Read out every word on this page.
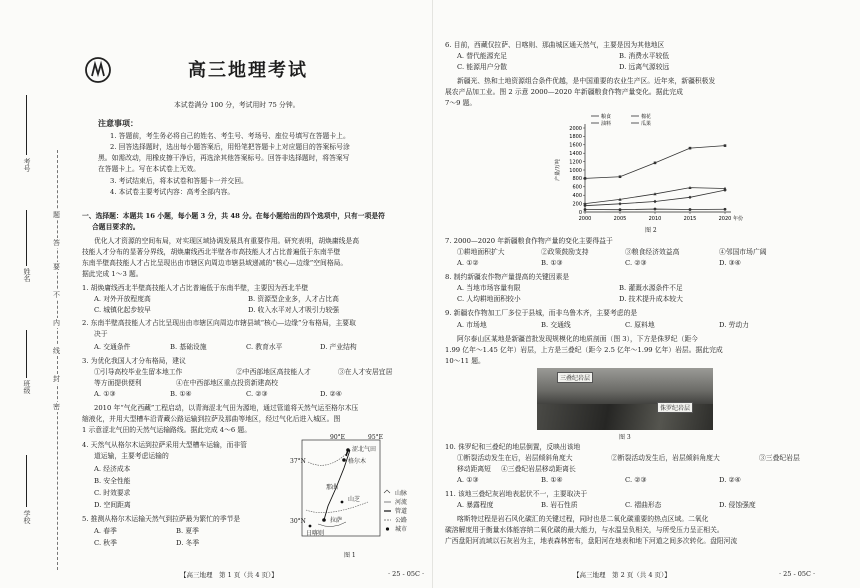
学校
班级
姓名
考号
题
答
要
不
内
线
封
密
高三地理考试
本试卷满分 100 分，考试用时 75 分钟。
注意事项：
1. 答题前，考生务必将自己的姓名、考生号、考场号、座位号填写在答题卡上。
2. 回答选择题时，选出每小题答案后，用铅笔把答题卡上对应题目的答案标号涂
黑。如需改动，用橡皮擦干净后，再选涂其他答案标号。回答非选择题时，将答案写
在答题卡上。写在本试卷上无效。
3. 考试结束后，将本试卷和答题卡一并交回。
4. 本试卷主要考试内容：高考全部内容。
一、选择题：本题共 16 小题，每小题 3 分，共 48 分。在每小题给出的四个选项中，只有一项是符
合题目要求的。
优化人才资源的空间布局，对实现区域协调发展具有重要作用。研究表明，胡焕庸线是高
技能人才分布的显著分界线，胡焕庸线西北半壁各市高技能人才占比普遍低于东南半壁
东南半壁高技能人才占比呈现出由市辖区向周边市辖县域递减的“核心—边缘”空间格局。
据此完成 1～3 题。
1. 胡焕庸线西北半壁高技能人才占比普遍低于东南半壁，主要因为西北半壁
A. 对外开放程度高	B. 资源型企业多，人才占比高
C. 城镇化起步较早	D. 收入水平对人才吸引力较强
2. 东南半壁高技能人才占比呈现出由市辖区向周边市辖县域“核心—边缘”分布格局，主要取
决于
A. 交通条件	B. 基础设施	C. 教育水平	D. 产业结构
3. 为优化我国人才分布格局，建议
①引导高校毕业生留本地工作	②中西部地区高技能人才	③在人才安居宜居
等方面提供便利	④在中西部地区重点投资新建高校
A. ①③	B. ①④	C. ②③	D. ②④
2010 年“气化西藏”工程启动，以青海涩北气田为源地，通过管道将天然气运至格尔木压
缩液化，并用大型槽车沿青藏公路运输到拉萨及那曲等地区，经过气化后进入城区。图
1 示意涩北气田的天然气运输路线。据此完成 4～6 题。
4. 天然气从格尔木运到拉萨采用大型槽车运输，而非管
道运输，主要考虑运输的
A. 经济成本
B. 安全性能
C. 时效要求
D. 空间距离
5. 推测从格尔木运输天然气到拉萨最为繁忙的季节是
A. 春季	B. 夏季
C. 秋季	D. 冬季
90°E	95°E
37°N
30°N
涩北气田
格尔木
拉萨
日喀则
山芝
那曲
山脉
河流
管道
公路
城市
图 1
【高三地理　第 1 页（共 4 页）】	· 25 - 05C ·
6. 目前，西藏仅拉萨、日喀则、那曲城区通天然气，主要是因为其他地区
A. 替代能源充足	B. 消费水平较低
C. 能源用户分散	D. 远离气源较远
新疆光、热和土地资源组合条件优越，是中国重要的农业生产区。近年来，新疆积极发
展农产品加工业。图 2 示意 2000—2020 年新疆粮食作物产量变化。据此完成
7～9 题。
0
200
400
600
800
1000
1200
1400
1600
1800
2000
2000	2005	2010	2015	2020 年份
产量/万吨
粮食	棉花
油料	瓜果
图 2
7. 2000—2020 年新疆粮食作物产量的变化主要得益于
①耕地面积扩大	②政策鼓励支持	③粮食经济效益高	④邻国市场广阔
A. ①②	B. ①③	C. ②③	D. ③④
8. 制约新疆农作物产量提高的关键因素是
A. 当地市场容量有限	B. 灌溉水源条件不足
C. 人均耕地面积较小	D. 技术提升成本较大
9. 新疆农作物加工厂多位于县城，而非乌鲁木齐，主要考虑的是
A. 市场地	B. 交通线	C. 原料地	D. 劳动力
阿尔泰山区某地是新疆首批发现规模化的地质剖面（图 3），下方是侏罗纪（距今
1.99 亿年～1.45 亿年）岩层，上方是三叠纪（距今 2.5 亿年～1.99 亿年）岩层。据此完成
10～11 题。
三叠纪岩层
侏罗纪岩层
图 3
10. 侏罗纪和三叠纪的地层倒置，反映出该地
①断裂活动发生在后，岩层倾斜角度大	②断裂活动发生后，岩层倾斜角度大	③三叠纪岩层
移动距离短 ④三叠纪岩层移动距离长
A. ①③	B. ①④	C. ②③	D. ②④
11. 该地三叠纪灰岩地表起伏不一，主要取决于
A. 暴露程度	B. 岩石性质	C. 褶曲形态	D. 侵蚀强度
喀斯特过程是岩石风化碳汇的关键过程，同时也是二氧化碳重要的热点区域。二氧化
碳溶解度用于衡量水体能容纳二氧化碳的最大能力，与水温呈负相关，与所受压力呈正相关。
广西盘阳河流域以石灰岩为主，地表森林密布，盘阳河在地表和地下河道之间多次转化。盘阳河流
【高三地理　第 2 页（共 4 页）】	· 25 - 05C ·
